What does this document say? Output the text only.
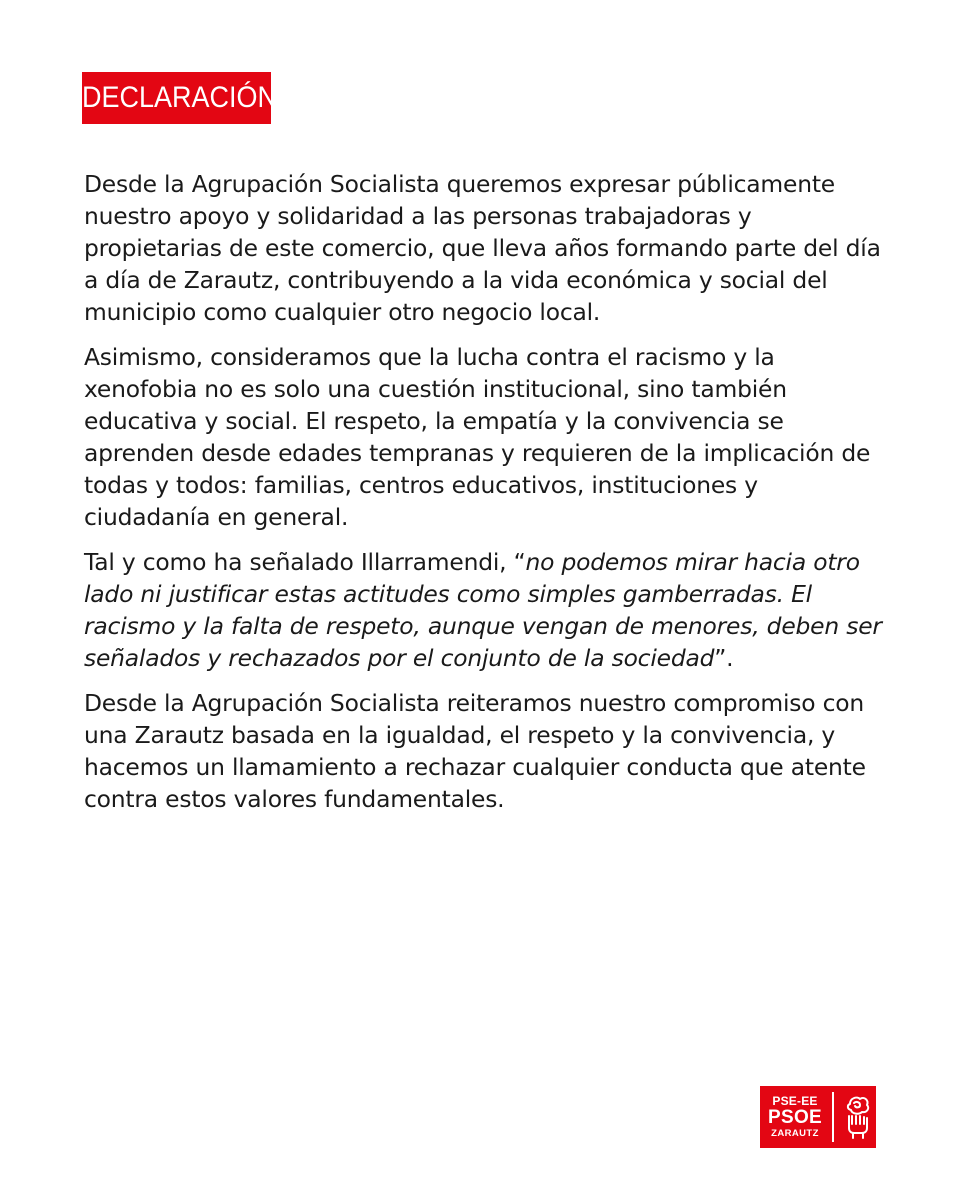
DECLARACIÓN

Desde la Agrupación Socialista queremos expresar públicamente nuestro apoyo y solidaridad a las personas trabajadoras y propietarias de este comercio, que lleva años formando parte del día a día de Zarautz, contribuyendo a la vida económica y social del municipio como cualquier otro negocio local.

Asimismo, consideramos que la lucha contra el racismo y la xenofobia no es solo una cuestión institucional, sino también educativa y social. El respeto, la empatía y la convivencia se aprenden desde edades tempranas y requieren de la implicación de todas y todos: familias, centros educativos, instituciones y ciudadanía en general.

Tal y como ha señalado Illarramendi, “no podemos mirar hacia otro lado ni justificar estas actitudes como simples gamberradas. El racismo y la falta de respeto, aunque vengan de menores, deben ser señalados y rechazados por el conjunto de la sociedad”.

Desde la Agrupación Socialista reiteramos nuestro compromiso con una Zarautz basada en la igualdad, el respeto y la convivencia, y hacemos un llamamiento a rechazar cualquier conducta que atente contra estos valores fundamentales.

PSE-EE
PSOE
ZARAUTZ
